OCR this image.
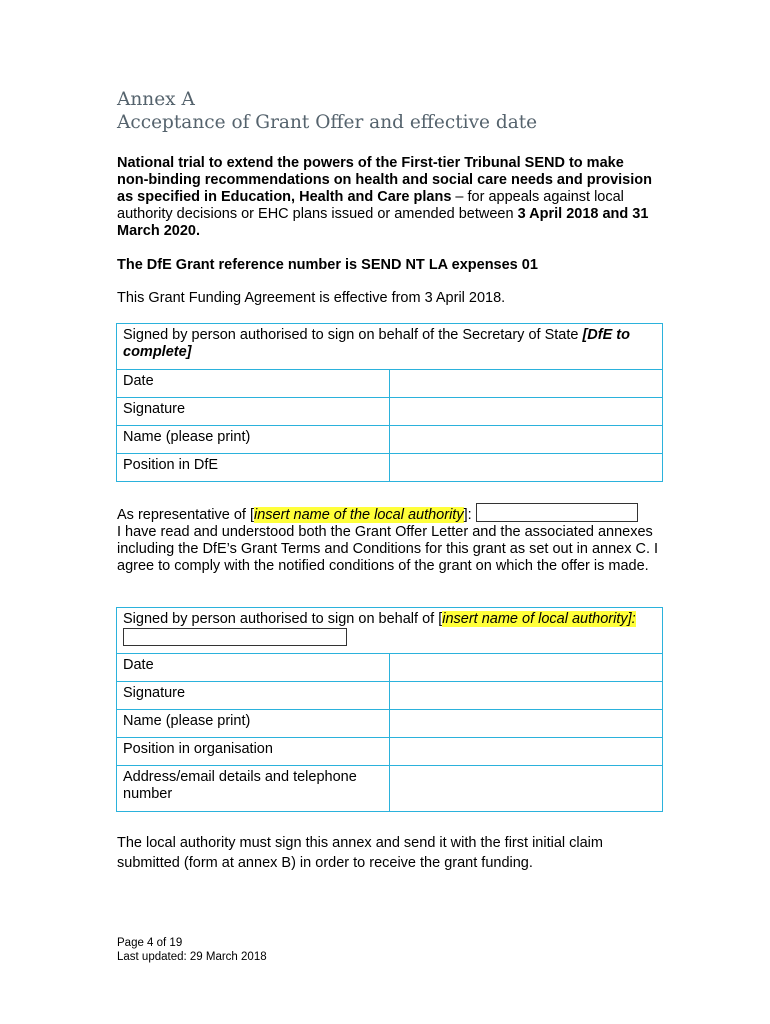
Annex A
Acceptance of Grant Offer and effective date
National trial to extend the powers of the First-tier Tribunal SEND to make non-binding recommendations on health and social care needs and provision as specified in Education, Health and Care plans – for appeals against local authority decisions or EHC plans issued or amended between 3 April 2018 and 31 March 2020.
The DfE Grant reference number is SEND NT LA expenses 01
This Grant Funding Agreement is effective from 3 April 2018.
Signed by person authorised to sign on behalf of the Secretary of State [DfE to complete]	
Date	
Signature	
Name (please print)	
Position in DfE	
As representative of [insert name of the local authority]:
I have read and understood both the Grant Offer Letter and the associated annexes including the DfE’s Grant Terms and Conditions for this grant as set out in annex C. I agree to comply with the notified conditions of the grant on which the offer is made.
Signed by person authorised to sign on behalf of [insert name of local authority]:	
Date	
Signature	
Name (please print)	
Position in organisation	
Address/email details and telephone number	
The local authority must sign this annex and send it with the first initial claim submitted (form at annex B) in order to receive the grant funding.
Page 4 of 19
Last updated: 29 March 2018
